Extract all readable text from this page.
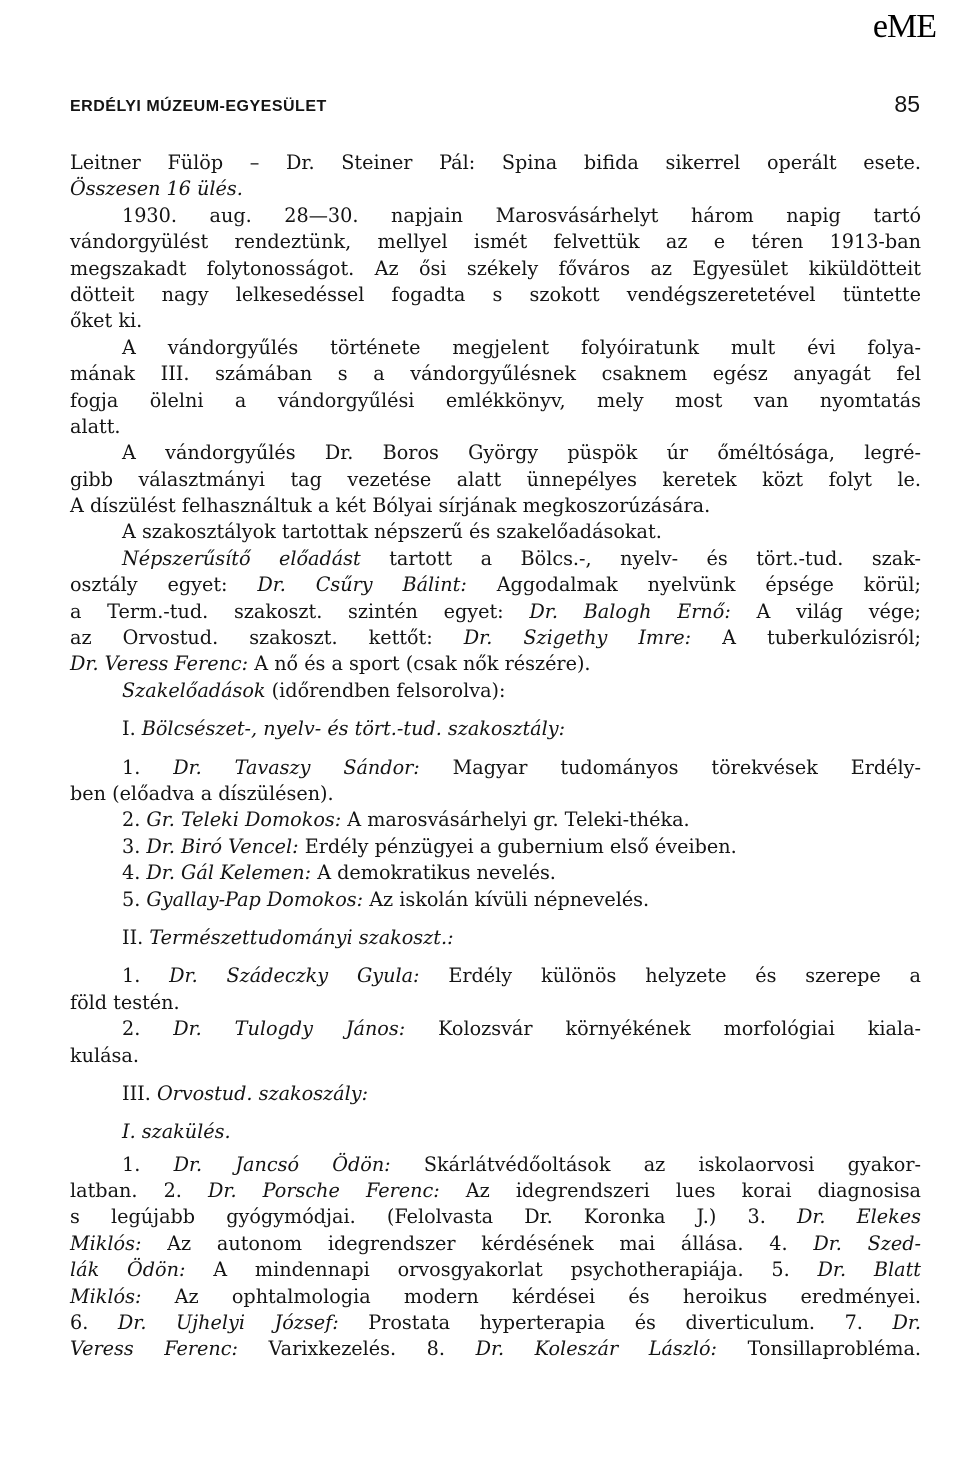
eME
ERDÉLYI MÚZEUM-EGYESÜLET	85
Leitner Fülöp – Dr. Steiner Pál: Spina bifida sikerrel operált esete.
Összesen 16 ülés.
1930. aug. 28—30. napjain Marosvásárhelyt három napig tartó
vándorgyülést rendeztünk, mellyel ismét felvettük az e téren 1913-ban
megszakadt folytonosságot. Az ősi székely főváros az Egyesület kiküldötteit
dötteit nagy lelkesedéssel fogadta s szokott vendégszeretetével tüntette
őket ki.
A vándorgyűlés története megjelent folyóiratunk mult évi folya-
mának III. számában s a vándorgyűlésnek csaknem egész anyagát fel
fogja ölelni a vándorgyűlési emlékkönyv, mely most van nyomtatás
alatt.
A vándorgyűlés Dr. Boros György püspök úr őméltósága, legré-
gibb választmányi tag vezetése alatt ünnepélyes keretek közt folyt le.
A díszülést felhasználtuk a két Bólyai sírjának megkoszorúzására.
A szakosztályok tartottak népszerű és szakelőadásokat.
Népszerűsítő előadást tartott a Bölcs.-, nyelv- és tört.-tud. szak-
osztály egyet: Dr. Csűry Bálint: Aggodalmak nyelvünk épsége körül;
a Term.-tud. szakoszt. szintén egyet: Dr. Balogh Ernő: A világ vége;
az Orvostud. szakoszt. kettőt: Dr. Szigethy Imre: A tuberkulózisról;
Dr. Veress Ferenc: A nő és a sport (csak nők részére).
Szakelőadások (időrendben felsorolva):
I. Bölcsészet-, nyelv- és tört.-tud. szakosztály:
1. Dr. Tavaszy Sándor: Magyar tudományos törekvések Erdély-
ben (előadva a díszülésen).
2. Gr. Teleki Domokos: A marosvásárhelyi gr. Teleki-théka.
3. Dr. Biró Vencel: Erdély pénzügyei a gubernium első éveiben.
4. Dr. Gál Kelemen: A demokratikus nevelés.
5. Gyallay-Pap Domokos: Az iskolán kívüli népnevelés.
II. Természettudományi szakoszt.:
1. Dr. Szádeczky Gyula: Erdély különös helyzete és szerepe a
föld testén.
2. Dr. Tulogdy János: Kolozsvár környékének morfológiai kiala-
kulása.
III. Orvostud. szakoszály:
I. szakülés.
1. Dr. Jancsó Ödön: Skárlátvédőoltások az iskolaorvosi gyakor-
latban. 2. Dr. Porsche Ferenc: Az idegrendszeri lues korai diagnosisa
s legújabb gyógymódjai. (Felolvasta Dr. Koronka J.) 3. Dr. Elekes
Miklós: Az autonom idegrendszer kérdésének mai állása. 4. Dr. Szed-
lák Ödön: A mindennapi orvosgyakorlat psychotherapiája. 5. Dr. Blatt
Miklós: Az ophtalmologia modern kérdései és heroikus eredményei.
6. Dr. Ujhelyi József: Prostata hyperterapia és diverticulum. 7. Dr.
Veress Ferenc: Varixkezelés. 8. Dr. Koleszár László: Tonsillaprobléma.
